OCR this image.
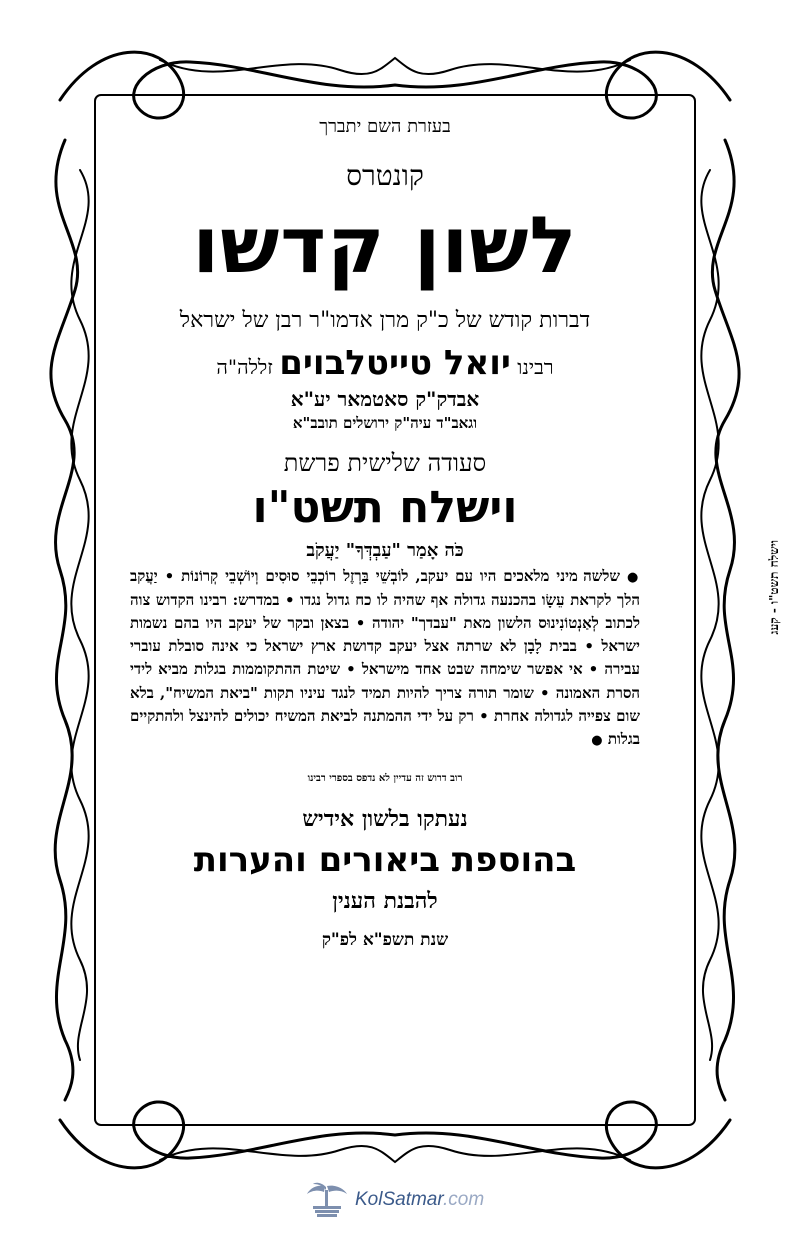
בעזרת השם יתברך
קונטרס
לשון קדשו
דברות קודש של כ"ק מרן אדמו"ר רבן של ישראל
רבינו יואל טייטלבוים זללה"ה
אבדק"ק סאטמאר יע"א
וגאב"ד עיה"ק ירושלים תובב"א
סעודה שלישית פרשת
וישלח תשט"ו
כֹּה אָמַר "עַבְדְּךָ" יַעֲקֹב

● שלשה מיני מלאכים היו עם יעקב, לוֹבְשֵׁי בַּרְזֶל רוֹכְבֵי סוּסִים וְיוֹשְׁבֵי קְרוֹנוֹת • יַעֲקב הלך לקראת עֵשָׂו בהכנעה גדולה אף שהיה לו כח גדול נגדו • במדרש: רבינו הקדוש צוה לכתוב לְאַנְטוֹנִינוּס הלשון מאת "עבדך" יהודה • בצאן ובקר של יעקב היו בהם נשמות ישראל • בבית לָבָן לא שרתה אצל יעקב קדושת ארץ ישראל כי אינה סובלת עוברי עבירה • אי אפשר שימחה שבט אחד מישראל • שיטת ההתקוממות בגלות מביא לידי הסרת האמונה • שומר תורה צריך להיות תמיד לנגד עיניו תקות "ביאת המשיח", בלא שום צפייה לגדולה אחרת • רק על ידי ההמתנה לביאת המשיח יכולים להינצל ולהתקיים בגלות ●

רוב דרוש זה עדיין לא נדפס בספרי רבינו
נעתקו בלשון אידיש
בהוספת ביאורים והערות
להבנת הענין
שנת תשפ"א לפ"ק
וישלח תשט"ו - קעג
KolSatmar.com
